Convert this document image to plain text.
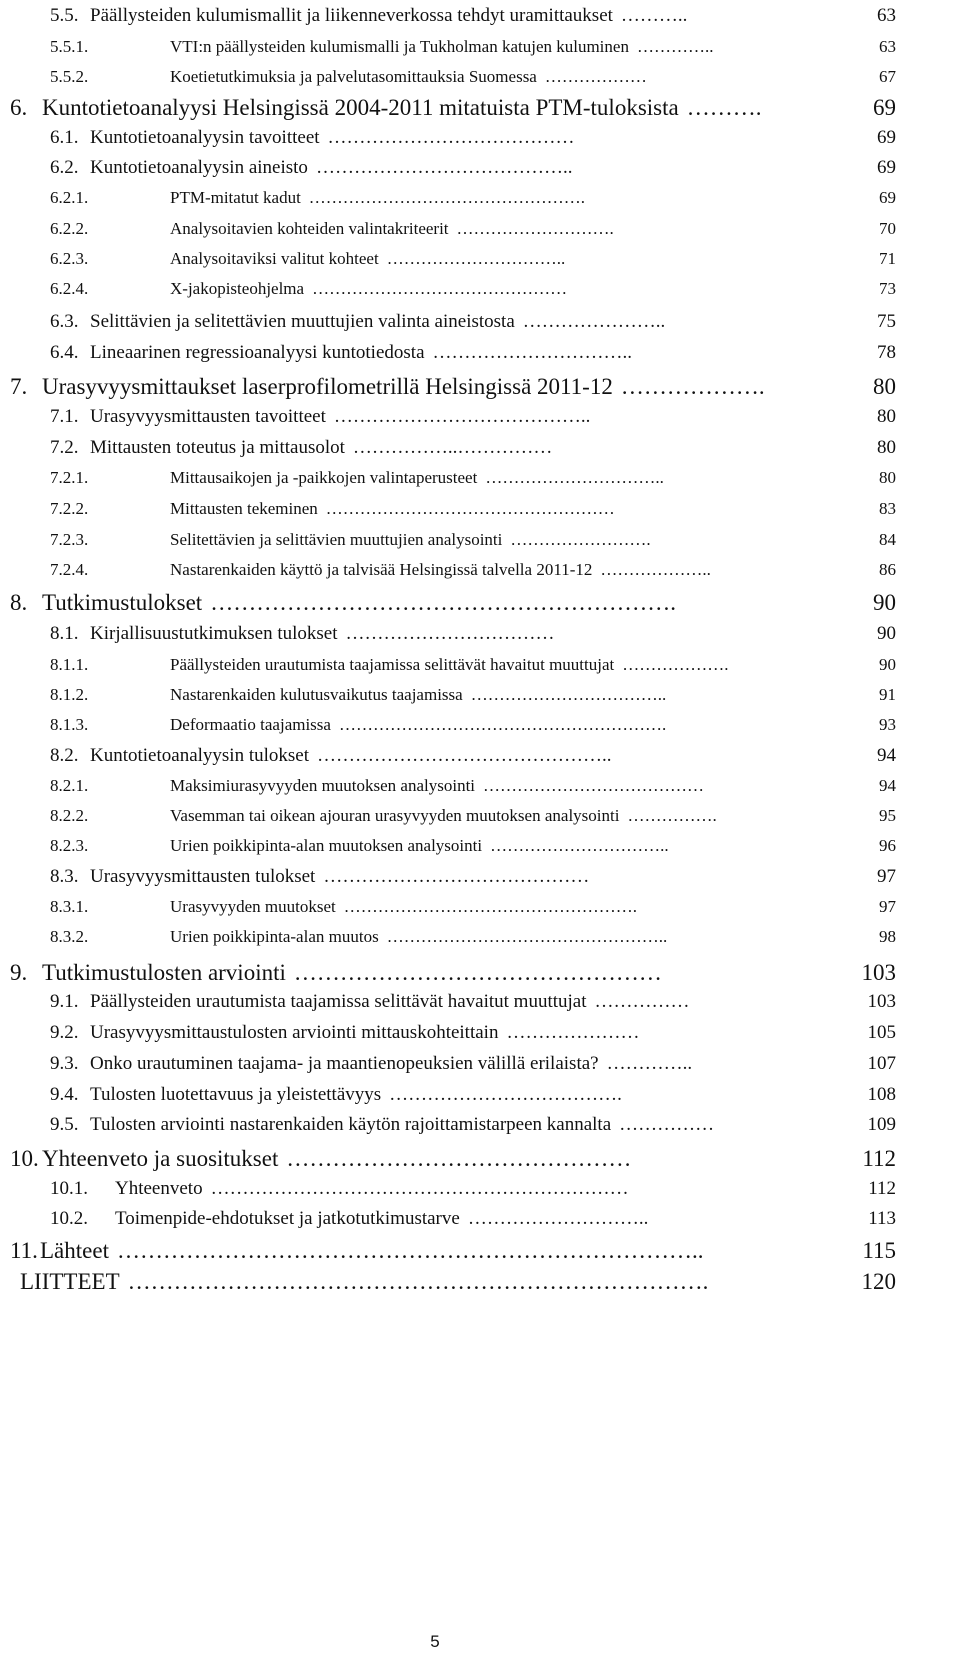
5.5. Päällysteiden kulumismallit ja liikenneverkossa tehdyt uramittaukset	63
………..
5.5.1.	VTI:n päällysteiden kulumismalli ja Tukholman katujen kuluminen	63
…………..
5.5.2.	Koetietutkimuksia ja palvelutasomittauksia Suomessa	67
………………
6. Kuntotietoanalyysi Helsingissä 2004-2011 mitatuista PTM-tuloksista	69
……….
6.1. Kuntotietoanalyysin tavoitteet	69
…………………………………
6.2. Kuntotietoanalyysin aineisto	69
…………………………………..
6.2.1.	PTM-mitatut kadut	69
………………………………………….
6.2.2.	Analysoitavien kohteiden valintakriteerit	70
……………………….
6.2.3.	Analysoitaviksi valitut kohteet	71
…………………………..
6.2.4.	X-jakopisteohjelma	73
………………………………………
6.3. Selittävien ja selitettävien muuttujien valinta aineistosta	75
…………………..
6.4. Lineaarinen regressioanalyysi kuntotiedosta	78
…………………………..
7. Urasyvyysmittaukset laserprofilometrillä Helsingissä 2011-12	80
……………….
7.1. Urasyvyysmittausten tavoitteet	80
…………………………………..
7.2. Mittausten toteutus ja mittausolot	80
……………..……………
7.2.1.	Mittausaikojen ja -paikkojen valintaperusteet	80
…………………………..
7.2.2.	Mittausten tekeminen	83
……………………………………………
7.2.3.	Selitettävien ja selittävien muuttujien analysointi	84
…………………….
7.2.4.	Nastarenkaiden käyttö ja talvisää Helsingissä talvella 2011-12	86
………………..
8. Tutkimustulokset	90
…………………………………………………….
8.1. Kirjallisuustutkimuksen tulokset	90
……………………………
8.1.1.	Päällysteiden urautumista taajamissa selittävät havaitut muuttujat	90
……………….
8.1.2.	Nastarenkaiden kulutusvaikutus taajamissa	91
……………………………..
8.1.3.	Deformaatio taajamissa	93
………………………………………………….
8.2. Kuntotietoanalyysin tulokset	94
………………………………………..
8.2.1.	Maksimiurasyvyyden muutoksen analysointi	94
…………………………………
8.2.2.	Vasemman tai oikean ajouran urasyvyyden muutoksen analysointi	95
…………….
8.2.3.	Urien poikkipinta-alan muutoksen analysointi	96
…………………………..
8.3. Urasyvyysmittausten tulokset	97
……………………………………
8.3.1.	Urasyvyyden muutokset	97
…………………………………………….
8.3.2.	Urien poikkipinta-alan muutos	98
…………………………………………..
9. Tutkimustulosten arviointi	103
…………………………………………
9.1. Päällysteiden urautumista taajamissa selittävät havaitut muuttujat	103
……………
9.2. Urasyvyysmittaustulosten arviointi mittauskohteittain	105
…………………
9.3. Onko urautuminen taajama- ja maantienopeuksien välillä erilaista?	107
…………..
9.4. Tulosten luotettavuus ja yleistettävyys	108
……………………………….
9.5. Tulosten arviointi nastarenkaiden käytön rajoittamistarpeen kannalta	109
……………
10. Yhteenveto ja suositukset	112
………………………………………
10.1. Yhteenveto	112
…………………………………………………………
10.2. Toimenpide-ehdotukset ja jatkotutkimustarve	113
………………………..
11. Lähteet	115
…………………………………………………………………..
LIITTEET	120
………………………………………………………………….
5
